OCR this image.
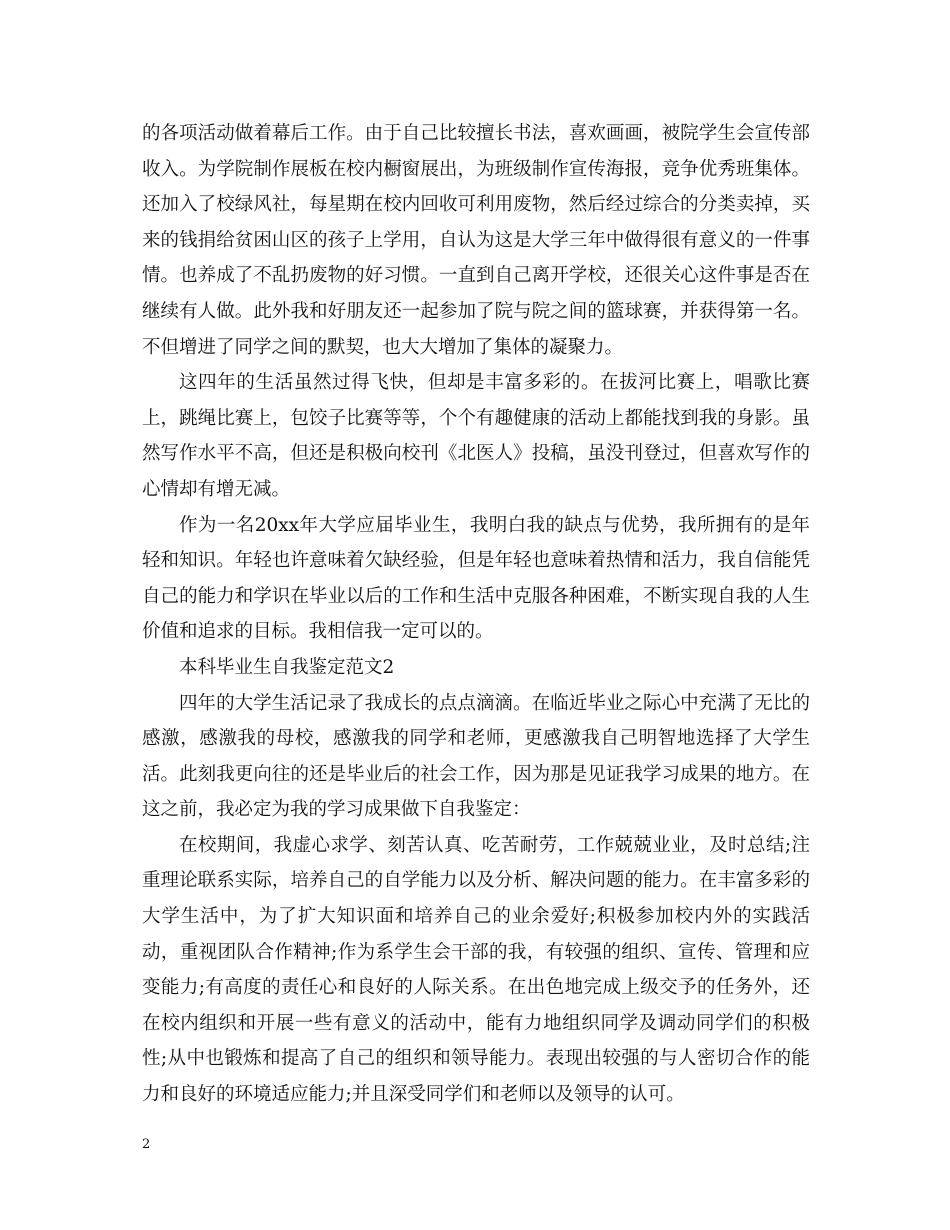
的各项活动做着幕后工作。由于自己比较擅长书法，喜欢画画，被院学生会宣传部收入。为学院制作展板在校内橱窗展出，为班级制作宣传海报，竞争优秀班集体。还加入了校绿风社，每星期在校内回收可利用废物，然后经过综合的分类卖掉，买来的钱捐给贫困山区的孩子上学用，自认为这是大学三年中做得很有意义的一件事情。也养成了不乱扔废物的好习惯。一直到自己离开学校，还很关心这件事是否在继续有人做。此外我和好朋友还一起参加了院与院之间的篮球赛，并获得第一名。不但增进了同学之间的默契，也大大增加了集体的凝聚力。

这四年的生活虽然过得飞快，但却是丰富多彩的。在拔河比赛上，唱歌比赛上，跳绳比赛上，包饺子比赛等等，个个有趣健康的活动上都能找到我的身影。虽然写作水平不高，但还是积极向校刊《北医人》投稿，虽没刊登过，但喜欢写作的心情却有增无减。

作为一名20xx年大学应届毕业生，我明白我的缺点与优势，我所拥有的是年轻和知识。年轻也许意味着欠缺经验，但是年轻也意味着热情和活力，我自信能凭自己的能力和学识在毕业以后的工作和生活中克服各种困难，不断实现自我的人生价值和追求的目标。我相信我一定可以的。

本科毕业生自我鉴定范文2

四年的大学生活记录了我成长的点点滴滴。在临近毕业之际心中充满了无比的感激，感激我的母校，感激我的同学和老师，更感激我自己明智地选择了大学生活。此刻我更向往的还是毕业后的社会工作，因为那是见证我学习成果的地方。在这之前，我必定为我的学习成果做下自我鉴定：

在校期间，我虚心求学、刻苦认真、吃苦耐劳，工作兢兢业业，及时总结;注重理论联系实际，培养自己的自学能力以及分析、解决问题的能力。在丰富多彩的大学生活中，为了扩大知识面和培养自己的业余爱好;积极参加校内外的实践活动，重视团队合作精神;作为系学生会干部的我，有较强的组织、宣传、管理和应变能力;有高度的责任心和良好的人际关系。在出色地完成上级交予的任务外，还在校内组织和开展一些有意义的活动中，能有力地组织同学及调动同学们的积极性;从中也锻炼和提高了自己的组织和领导能力。表现出较强的与人密切合作的能力和良好的环境适应能力;并且深受同学们和老师以及领导的认可。

2
